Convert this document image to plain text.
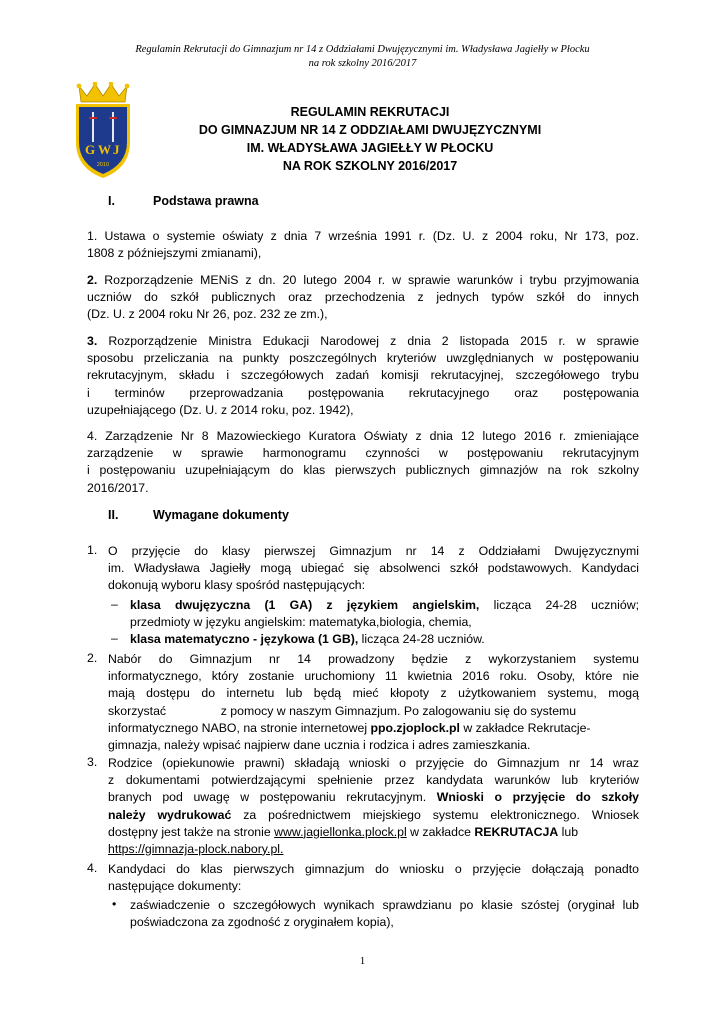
Regulamin Rekrutacji do Gimnazjum nr 14 z Oddziałami Dwujęzycznymi im. Władysława Jagiełły w Płocku
na rok szkolny 2016/2017
G W J
2010
REGULAMIN REKRUTACJI
DO GIMNAZJUM NR 14 Z ODDZIAŁAMI DWUJĘZYCZNYMI
IM. WŁADYSŁAWA JAGIEŁŁY W PŁOCKU
NA ROK SZKOLNY 2016/2017
I.	Podstawa prawna
1. Ustawa o systemie oświaty z dnia 7 września 1991 r. (Dz. U. z 2004 roku, Nr 173, poz.
1808 z późniejszymi zmianami),
2. Rozporządzenie MENiS z dn. 20 lutego 2004 r. w sprawie warunków i trybu przyjmowania
uczniów do szkół publicznych oraz przechodzenia z jednych typów szkół do innych
(Dz. U. z 2004 roku Nr 26, poz. 232 ze zm.),
3. Rozporządzenie Ministra Edukacji Narodowej z dnia 2 listopada 2015 r. w sprawie
sposobu przeliczania na punkty poszczególnych kryteriów uwzględnianych w postępowaniu
rekrutacyjnym, składu i szczegółowych zadań komisji rekrutacyjnej, szczegółowego trybu
i terminów przeprowadzania postępowania rekrutacyjnego oraz postępowania
uzupełniającego (Dz. U. z 2014 roku, poz. 1942),
4. Zarządzenie Nr 8 Mazowieckiego Kuratora Oświaty z dnia 12 lutego 2016 r. zmieniające
zarządzenie w sprawie harmonogramu czynności w postępowaniu rekrutacyjnym
i postępowaniu uzupełniającym do klas pierwszych publicznych gimnazjów na rok szkolny
2016/2017.
II.	Wymagane dokumenty
1. O przyjęcie do klasy pierwszej Gimnazjum nr 14 z Oddziałami Dwujęzycznymi
im. Władysława Jagiełły mogą ubiegać się absolwenci szkół podstawowych. Kandydaci
dokonują wyboru klasy spośród następujących:
– klasa dwujęzyczna (1 GA) z językiem angielskim, licząca 24-28 uczniów;
przedmioty w języku angielskim: matematyka,biologia, chemia,
– klasa matematyczno - językowa (1 GB), licząca 24-28 uczniów.
2. Nabór do Gimnazjum nr 14 prowadzony będzie z wykorzystaniem systemu
informatycznego, który zostanie uruchomiony 11 kwietnia 2016 roku. Osoby, które nie
mają dostępu do internetu lub będą mieć kłopoty z użytkowaniem systemu, mogą
skorzystać                z pomocy w naszym Gimnazjum. Po zalogowaniu się do systemu
informatycznego NABO, na stronie internetowej ppo.zjoplock.pl w zakładce Rekrutacje-
gimnazja, należy wpisać najpierw dane ucznia i rodzica i adres zamieszkania.
3. Rodzice (opiekunowie prawni) składają wnioski o przyjęcie do Gimnazjum nr 14 wraz
z dokumentami potwierdzającymi spełnienie przez kandydata warunków lub kryteriów
branych pod uwagę w postępowaniu rekrutacyjnym. Wnioski o przyjęcie do szkoły
należy wydrukować za pośrednictwem miejskiego systemu elektronicznego. Wniosek
dostępny jest także na stronie www.jagiellonka.plock.pl w zakładce REKRUTACJA lub
https://gimnazja-plock.nabory.pl.
4. Kandydaci do klas pierwszych gimnazjum do wniosku o przyjęcie dołączają ponadto
następujące dokumenty:
• zaświadczenie o szczegółowych wynikach sprawdzianu po klasie szóstej (oryginał lub
poświadczona za zgodność z oryginałem kopia),
1
